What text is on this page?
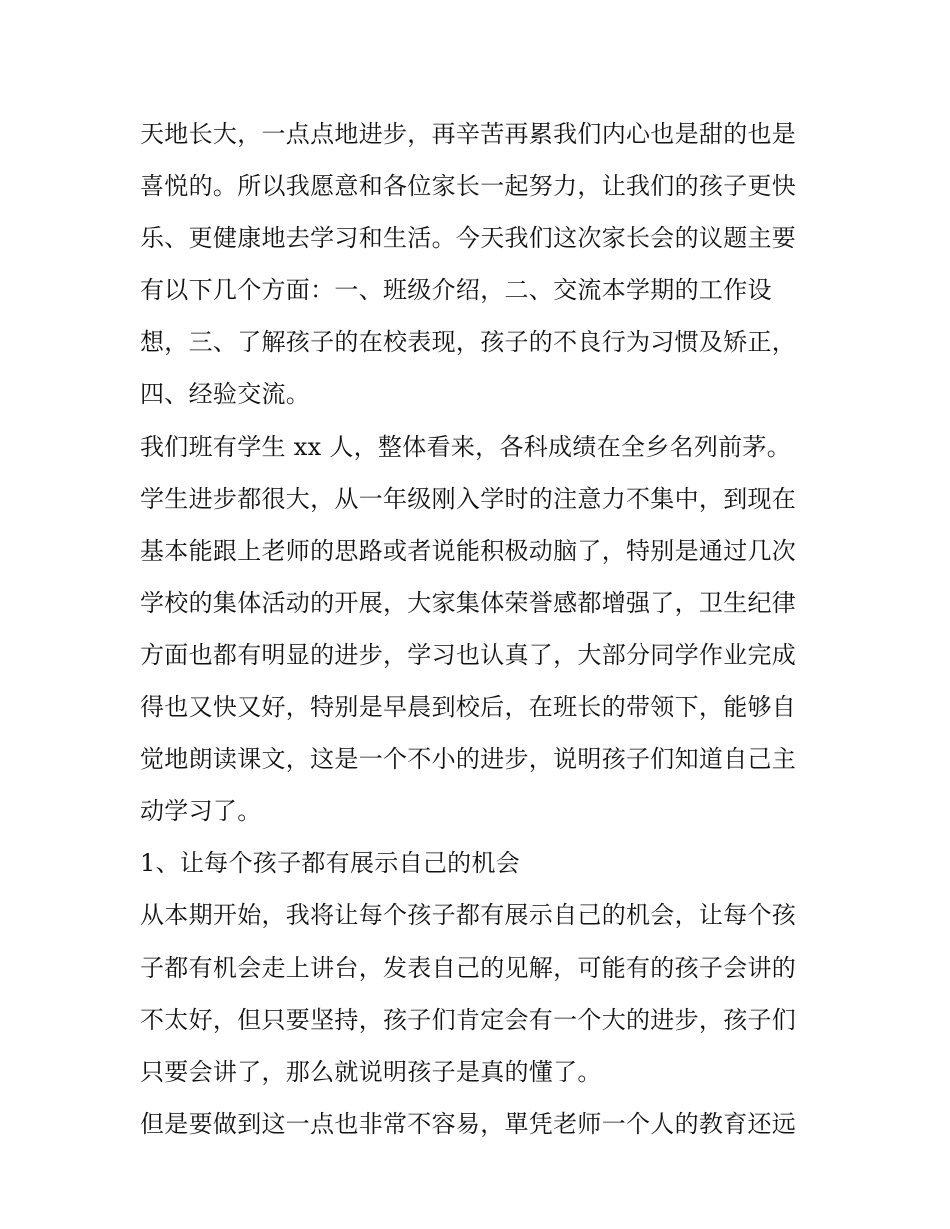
天地长大，一点点地进步，再辛苦再累我们内心也是甜的也是
喜悦的。所以我愿意和各位家长一起努力，让我们的孩子更快
乐、更健康地去学习和生活。今天我们这次家长会的议题主要
有以下几个方面：一、班级介绍，二、交流本学期的工作设
想，三、了解孩子的在校表现，孩子的不良行为习惯及矫正，
四、经验交流。
我们班有学生 xx 人，整体看来，各科成绩在全乡名列前茅。
学生进步都很大，从一年级刚入学时的注意力不集中，到现在
基本能跟上老师的思路或者说能积极动脑了，特别是通过几次
学校的集体活动的开展，大家集体荣誉感都增强了，卫生纪律
方面也都有明显的进步，学习也认真了，大部分同学作业完成
得也又快又好，特别是早晨到校后，在班长的带领下，能够自
觉地朗读课文，这是一个不小的进步，说明孩子们知道自己主
动学习了。
1、让每个孩子都有展示自己的机会
从本期开始，我将让每个孩子都有展示自己的机会，让每个孩
子都有机会走上讲台，发表自己的见解，可能有的孩子会讲的
不太好，但只要坚持，孩子们肯定会有一个大的进步，孩子们
只要会讲了，那么就说明孩子是真的懂了。
但是要做到这一点也非常不容易，單凭老师一个人的教育还远
